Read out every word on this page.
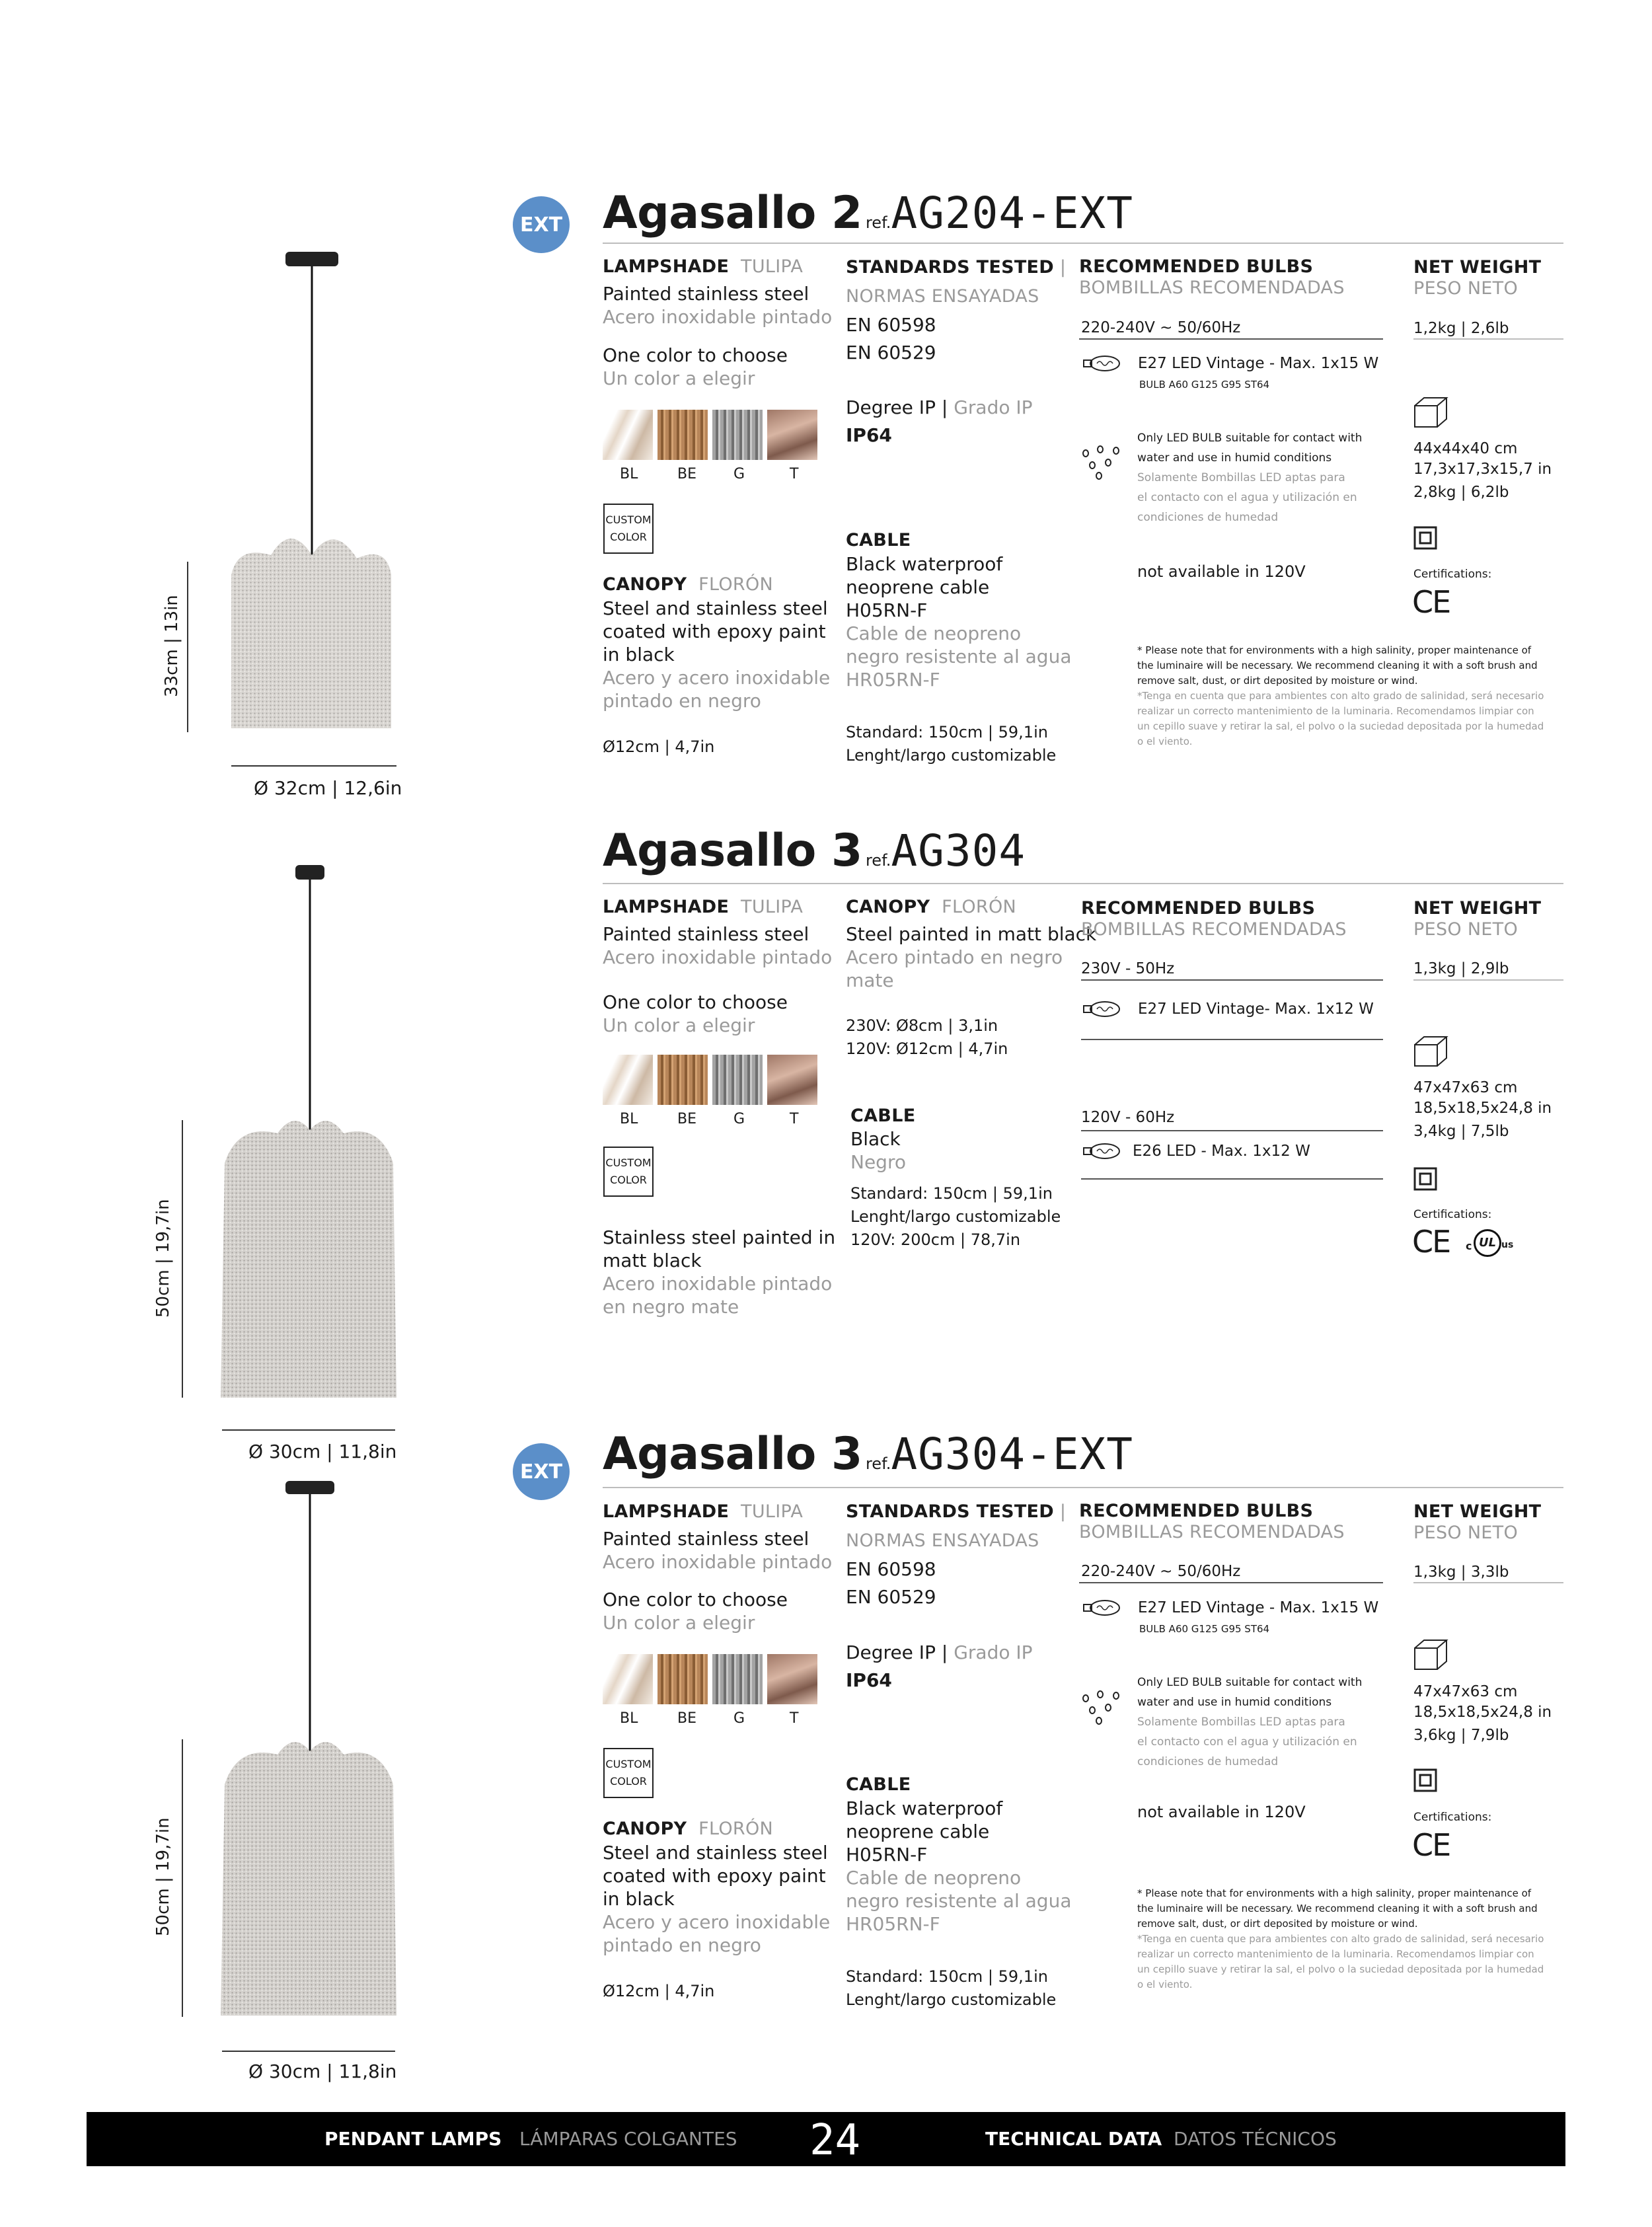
33cm | 13in
Ø 32cm | 12,6in
EXT Agasallo 2 ref.AG204-EXT
LAMPSHADE TULIPA
Painted stainless steel
Acero inoxidable pintado
One color to choose
Un color a elegir
BL	BE	G	T
CUSTOM
COLOR
CANOPY FLORÓN
Steel and stainless steel
coated with epoxy paint
in black
Acero y acero inoxidable
pintado en negro
Ø12cm | 4,7in
STANDARDS TESTED |
NORMAS ENSAYADAS
EN 60598
EN 60529
Degree IP | Grado IP
IP64
CABLE
Black waterproof
neoprene cable
H05RN-F
Cable de neopreno
negro resistente al agua
HR05RN-F
Standard: 150cm | 59,1in
Lenght/largo customizable
RECOMMENDED BULBS
BOMBILLAS RECOMENDADAS
220-240V ~ 50/60Hz
E27 LED Vintage - Max. 1x15 W
BULB A60 G125 G95 ST64
Only LED BULB suitable for contact with
water and use in humid conditions
Solamente Bombillas LED aptas para
el contacto con el agua y utilización en
condiciones de humedad
not available in 120V
* Please note that for environments with a high salinity, proper maintenance of
the luminaire will be necessary. We recommend cleaning it with a soft brush and
remove salt, dust, or dirt deposited by moisture or wind.
*Tenga en cuenta que para ambientes con alto grado de salinidad, será necesario
realizar un correcto mantenimiento de la luminaria. Recomendamos limpiar con
un cepillo suave y retirar la sal, el polvo o la suciedad depositada por la humedad
o el viento.
NET WEIGHT
PESO NETO
1,2kg | 2,6lb
44x44x40 cm
17,3x17,3x15,7 in
2,8kg | 6,2lb
Certifications:
CE
50cm | 19,7in
Ø 30cm | 11,8in
Agasallo 3 ref.AG304
LAMPSHADE TULIPA
Painted stainless steel
Acero inoxidable pintado
One color to choose
Un color a elegir
BL	BE	G	T
CUSTOM
COLOR
Stainless steel painted in
matt black
Acero inoxidable pintado
en negro mate
CANOPY FLORÓN
Steel painted in matt black
Acero pintado en negro
mate
230V: Ø8cm | 3,1in
120V: Ø12cm | 4,7in
CABLE
Black
Negro
Standard: 150cm | 59,1in
Lenght/largo customizable
120V: 200cm | 78,7in
RECOMMENDED BULBS
BOMBILLAS RECOMENDADAS
230V - 50Hz
E27 LED Vintage- Max. 1x12 W
120V - 60Hz
E26 LED - Max. 1x12 W
NET WEIGHT
PESO NETO
1,3kg | 2,9lb
47x47x63 cm
18,5x18,5x24,8 in
3,4kg | 7,5lb
Certifications:
CE c UL us
50cm | 19,7in
Ø 30cm | 11,8in
EXT Agasallo 3 ref.AG304-EXT
LAMPSHADE TULIPA
Painted stainless steel
Acero inoxidable pintado
One color to choose
Un color a elegir
BL	BE	G	T
CUSTOM
COLOR
CANOPY FLORÓN
Steel and stainless steel
coated with epoxy paint
in black
Acero y acero inoxidable
pintado en negro
Ø12cm | 4,7in
STANDARDS TESTED |
NORMAS ENSAYADAS
EN 60598
EN 60529
Degree IP | Grado IP
IP64
CABLE
Black waterproof
neoprene cable
H05RN-F
Cable de neopreno
negro resistente al agua
HR05RN-F
Standard: 150cm | 59,1in
Lenght/largo customizable
RECOMMENDED BULBS
BOMBILLAS RECOMENDADAS
220-240V ~ 50/60Hz
E27 LED Vintage - Max. 1x15 W
BULB A60 G125 G95 ST64
Only LED BULB suitable for contact with
water and use in humid conditions
Solamente Bombillas LED aptas para
el contacto con el agua y utilización en
condiciones de humedad
not available in 120V
* Please note that for environments with a high salinity, proper maintenance of
the luminaire will be necessary. We recommend cleaning it with a soft brush and
remove salt, dust, or dirt deposited by moisture or wind.
*Tenga en cuenta que para ambientes con alto grado de salinidad, será necesario
realizar un correcto mantenimiento de la luminaria. Recomendamos limpiar con
un cepillo suave y retirar la sal, el polvo o la suciedad depositada por la humedad
o el viento.
NET WEIGHT
PESO NETO
1,3kg | 3,3lb
47x47x63 cm
18,5x18,5x24,8 in
3,6kg | 7,9lb
Certifications:
CE
PENDANT LAMPS LÁMPARAS COLGANTES 24	TECHNICAL DATA DATOS TÉCNICOS
